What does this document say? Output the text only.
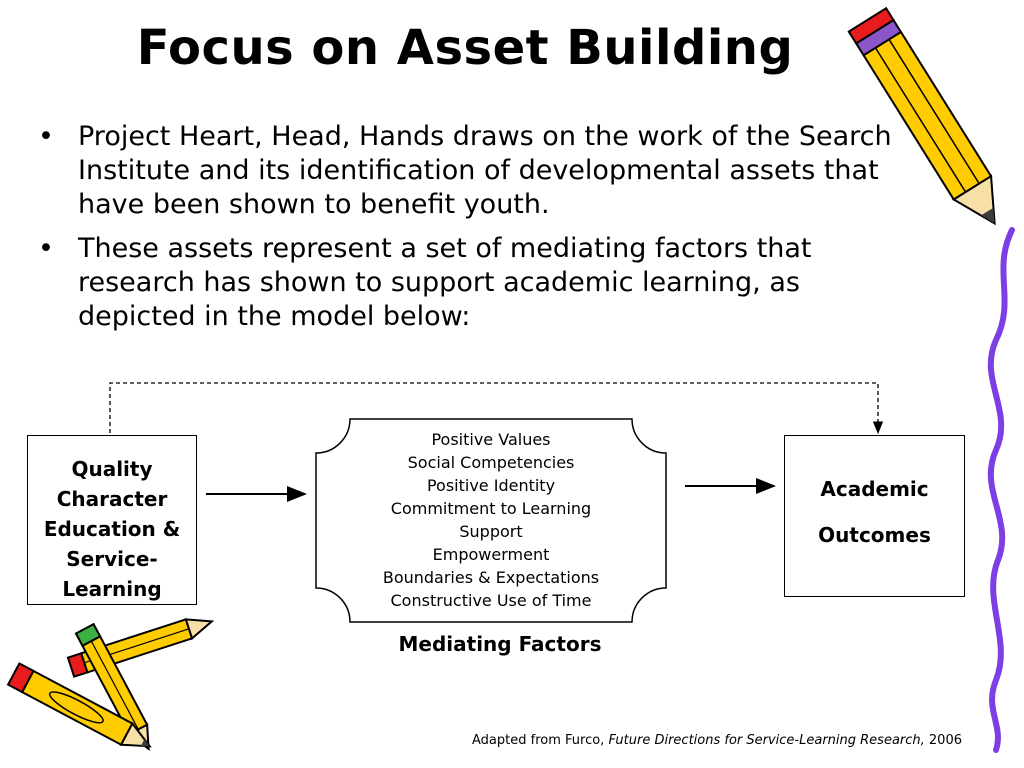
Focus on Asset Building
• Project Heart, Head, Hands draws on the work of the Search Institute and its identification of developmental assets that have been shown to benefit youth.
• These assets represent a set of mediating factors that research has shown to support academic learning, as depicted in the model below:
Quality
Character
Education &
Service-
Learning
Positive Values
Social Competencies
Positive Identity
Commitment to Learning
Support
Empowerment
Boundaries & Expectations
Constructive Use of Time
Mediating Factors
Academic
Outcomes
Adapted from Furco, Future Directions for Service-Learning Research, 2006
